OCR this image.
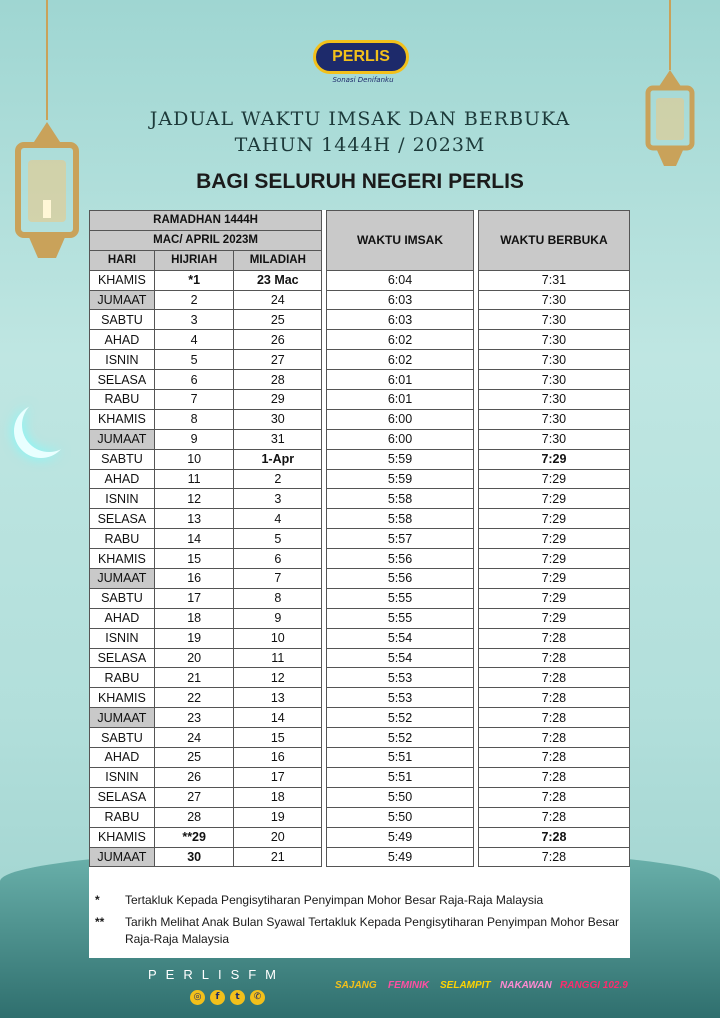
PERLIS
Sonasi Denifanku
JADUAL WAKTU IMSAK DAN BERBUKA
TAHUN 1444H / 2023M
BAGI SELURUH NEGERI PERLIS
RAMADHAN 1444H				WAKTU IMSAK		WAKTU BERBUKA
MAC/ APRIL 2023M						
HARI	HIJRIAH	MILADIAH				
KHAMIS	*1	23 Mac		6:04		7:31
JUMAAT	2	24		6:03		7:30
SABTU	3	25		6:03		7:30
AHAD	4	26		6:02		7:30
ISNIN	5	27		6:02		7:30
SELASA	6	28		6:01		7:30
RABU	7	29		6:01		7:30
KHAMIS	8	30		6:00		7:30
JUMAAT	9	31		6:00		7:30
SABTU	10	1-Apr		5:59		7:29
AHAD	11	2		5:59		7:29
ISNIN	12	3		5:58		7:29
SELASA	13	4		5:58		7:29
RABU	14	5		5:57		7:29
KHAMIS	15	6		5:56		7:29
JUMAAT	16	7		5:56		7:29
SABTU	17	8		5:55		7:29
AHAD	18	9		5:55		7:29
ISNIN	19	10		5:54		7:28
SELASA	20	11		5:54		7:28
RABU	21	12		5:53		7:28
KHAMIS	22	13		5:53		7:28
JUMAAT	23	14		5:52		7:28
SABTU	24	15		5:52		7:28
AHAD	25	16		5:51		7:28
ISNIN	26	17		5:51		7:28
SELASA	27	18		5:50		7:28
RABU	28	19		5:50		7:28
KHAMIS	**29	20		5:49		7:28
JUMAAT	30	21		5:49		7:28
* Tertakluk Kepada Pengisytiharan Penyimpan Mohor Besar Raja-Raja Malaysia
** Tarikh Melihat Anak Bulan Syawal Tertakluk Kepada Pengisytiharan Penyimpan Mohor Besar Raja-Raja Malaysia
PERLISFM
◎	f	t	✆
SAJANG FEMINIK SELAMPIT NAKAWAN RANGGI 102.9
